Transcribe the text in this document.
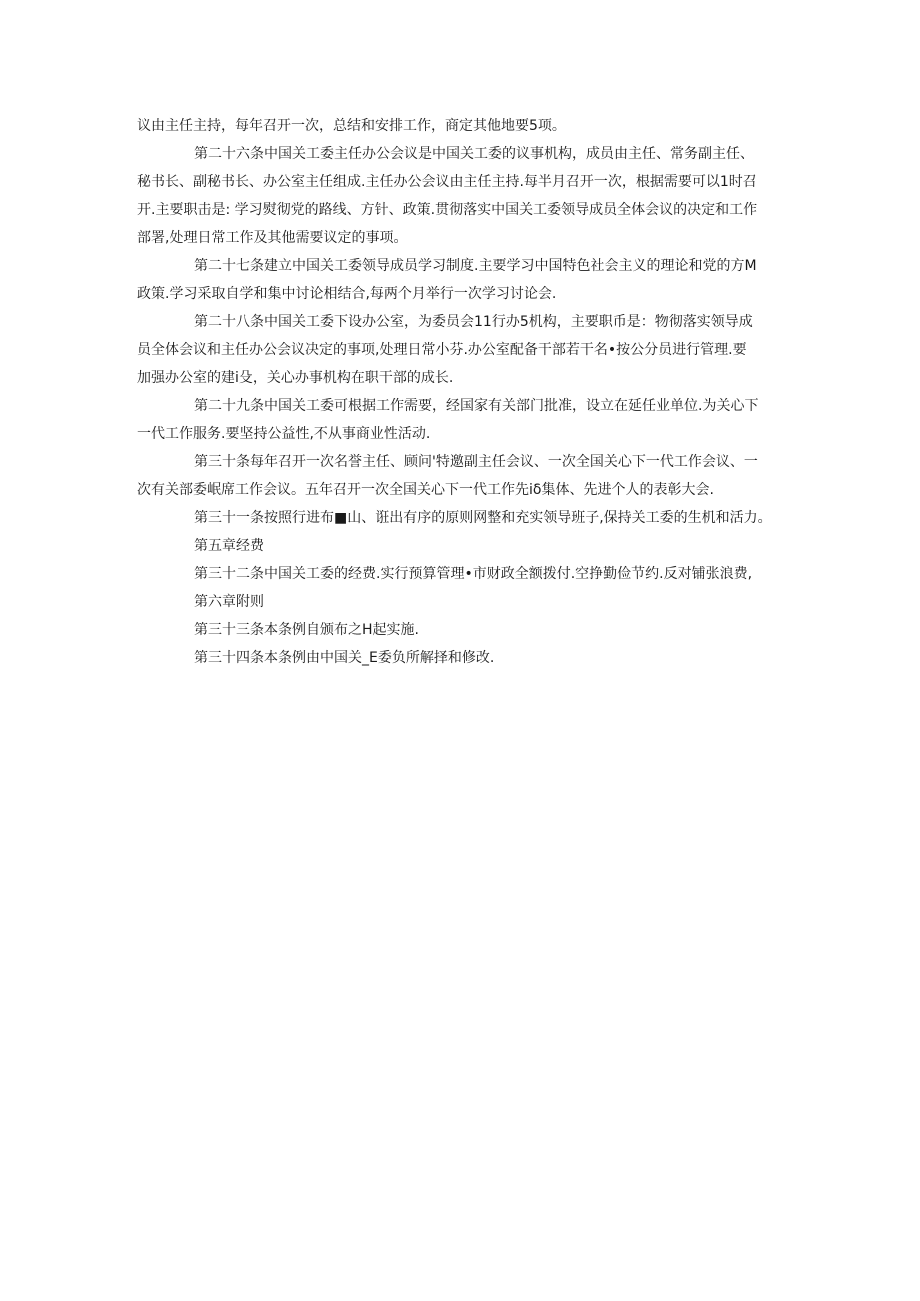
议由主任主持，每年召开一次，总结和安排工作，商定其他地要5项。
第二十六条中国关工委主任办公会议是中国关工委的议事机构，成员由主任、常务副主任、
秘书长、副秘书长、办公室主任组成.主任办公会议由主任主持.每半月召开一次，根据需要可以1时召
开.主要职击是: 学习熨彻党的路线、方针、政策.贯彻落实中国关工委领导成员全体会议的决定和工作
部署,处理日常工作及其他需要议定的事项。
第二十七条建立中国关工委领导成员学习制度.主要学习中国特色社会主义的理论和党的方M
政策.学习采取自学和集中讨论相结合,每两个月举行一次学习讨论会.
第二十八条中国关工委下设办公室，为委员会11行办5机构，主要职币是：物彻落实领导成
员全体会议和主任办公会议决定的事项,处理日常小芬.办公室配备干部若干名•按公分员进行管理.要
加强办公室的建i殳，关心办事机构在职干部的成长.
第二十九条中国关工委可根据工作需要，经国家有关部门批准，设立在延任业单位.为关心下
一代工作服务.要坚持公益性,不从事商业性活动.
第三十条每年召开一次名誉主任、顾问'特邀副主任会议、一次全国关心下一代工作会议、一
次有关部委岷席工作会议。五年召开一次全国关心下一代工作先iδ集体、先进个人的表彰大会.
第三十一条按照行进布■山、诳出有序的原则网整和充实领导班子,保持关工委的生机和活力。
第五章经费
第三十二条中国关工委的经费.实行预算管理•市财政全额拨付.空挣勤俭节约.反对铺张浪费,
第六章附则
第三十三条本条例自颁布之H起实施.
第三十四条本条例由中国关_E委负所解择和修改.
